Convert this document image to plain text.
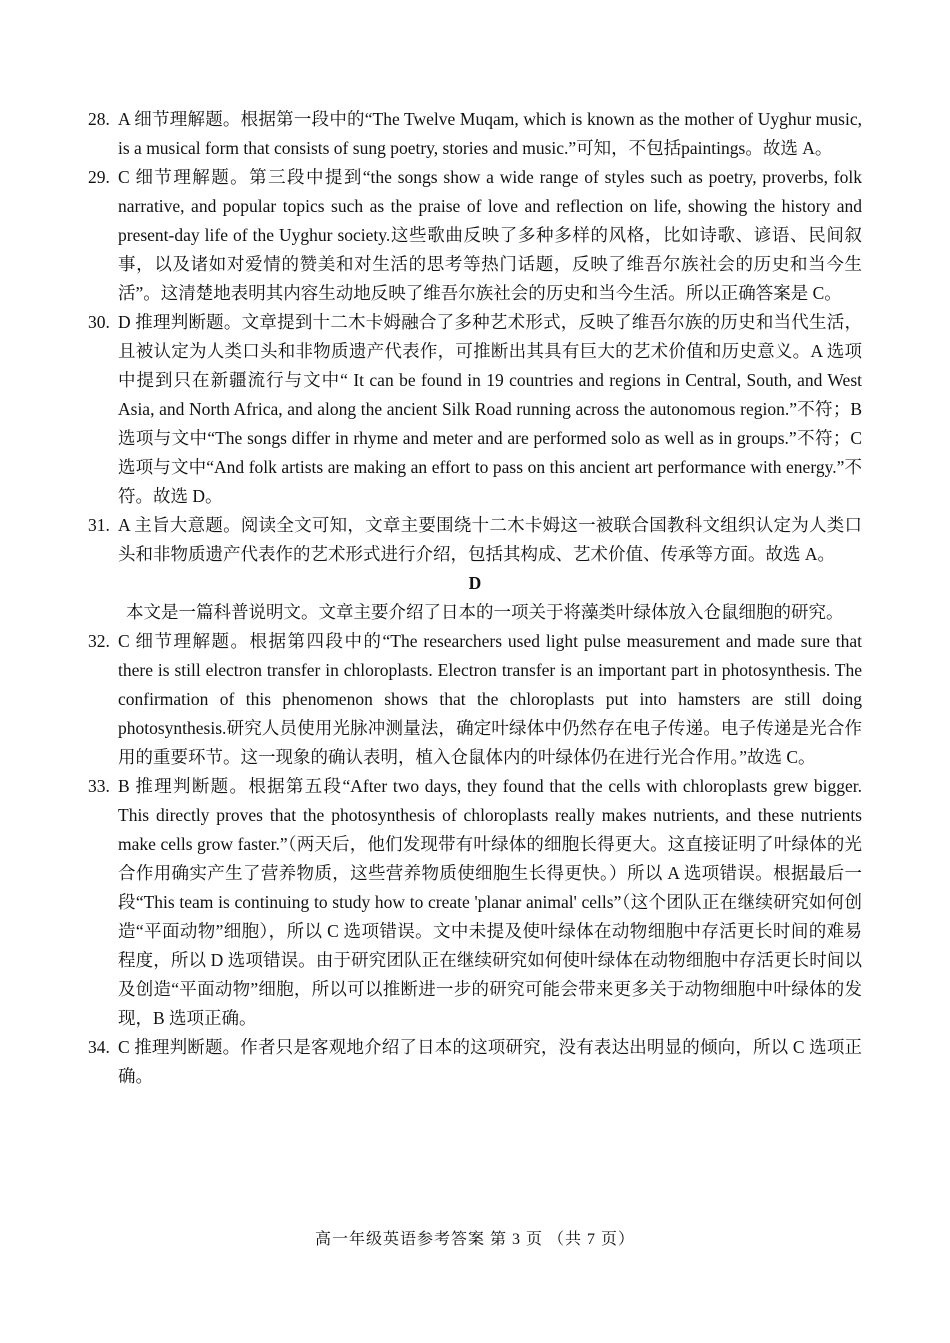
28. A 细节理解题。根据第一段中的“The Twelve Muqam, which is known as the mother of Uyghur music, is a musical form that consists of sung poetry, stories and music.”可知，不包括paintings。故选 A。
29. C 细节理解题。第三段中提到“the songs show a wide range of styles such as poetry, proverbs, folk narrative, and popular topics such as the praise of love and reflection on life, showing the history and present-day life of the Uyghur society.这些歌曲反映了多种多样的风格，比如诗歌、谚语、民间叙事，以及诸如对爱情的赞美和对生活的思考等热门话题，反映了维吾尔族社会的历史和当今生活”。这清楚地表明其内容生动地反映了维吾尔族社会的历史和当今生活。所以正确答案是 C。
30. D 推理判断题。文章提到十二木卡姆融合了多种艺术形式，反映了维吾尔族的历史和当代生活，且被认定为人类口头和非物质遗产代表作，可推断出其具有巨大的艺术价值和历史意义。A 选项中提到只在新疆流行与文中“ It can be found in 19 countries and regions in Central, South, and West Asia, and North Africa, and along the ancient Silk Road running across the autonomous region.”不符；B 选项与文中“The songs differ in rhyme and meter and are performed solo as well as in groups.”不符；C 选项与文中“And folk artists are making an effort to pass on this ancient art performance with energy.”不符。故选 D。
31. A 主旨大意题。阅读全文可知，文章主要围绕十二木卡姆这一被联合国教科文组织认定为人类口头和非物质遗产代表作的艺术形式进行介绍，包括其构成、艺术价值、传承等方面。故选 A。
D
本文是一篇科普说明文。文章主要介绍了日本的一项关于将藻类叶绿体放入仓鼠细胞的研究。
32. C 细节理解题。根据第四段中的“The researchers used light pulse measurement and made sure that there is still electron transfer in chloroplasts. Electron transfer is an important part in photosynthesis. The confirmation of this phenomenon shows that the chloroplasts put into hamsters are still doing photosynthesis.研究人员使用光脉冲测量法，确定叶绿体中仍然存在电子传递。电子传递是光合作用的重要环节。这一现象的确认表明，植入仓鼠体内的叶绿体仍在进行光合作用。”故选 C。
33. B 推理判断题。根据第五段“After two days, they found that the cells with chloroplasts grew bigger. This directly proves that the photosynthesis of chloroplasts really makes nutrients, and these nutrients make cells grow faster.”（两天后，他们发现带有叶绿体的细胞长得更大。这直接证明了叶绿体的光合作用确实产生了营养物质，这些营养物质使细胞生长得更快。）所以 A 选项错误。根据最后一段“This team is continuing to study how to create 'planar animal' cells”（这个团队正在继续研究如何创造“平面动物”细胞），所以 C 选项错误。文中未提及使叶绿体在动物细胞中存活更长时间的难易程度，所以 D 选项错误。由于研究团队正在继续研究如何使叶绿体在动物细胞中存活更长时间以及创造“平面动物”细胞，所以可以推断进一步的研究可能会带来更多关于动物细胞中叶绿体的发现，B 选项正确。
34. C 推理判断题。作者只是客观地介绍了日本的这项研究，没有表达出明显的倾向，所以 C 选项正确。
高一年级英语参考答案 第 3 页 （共 7 页）
